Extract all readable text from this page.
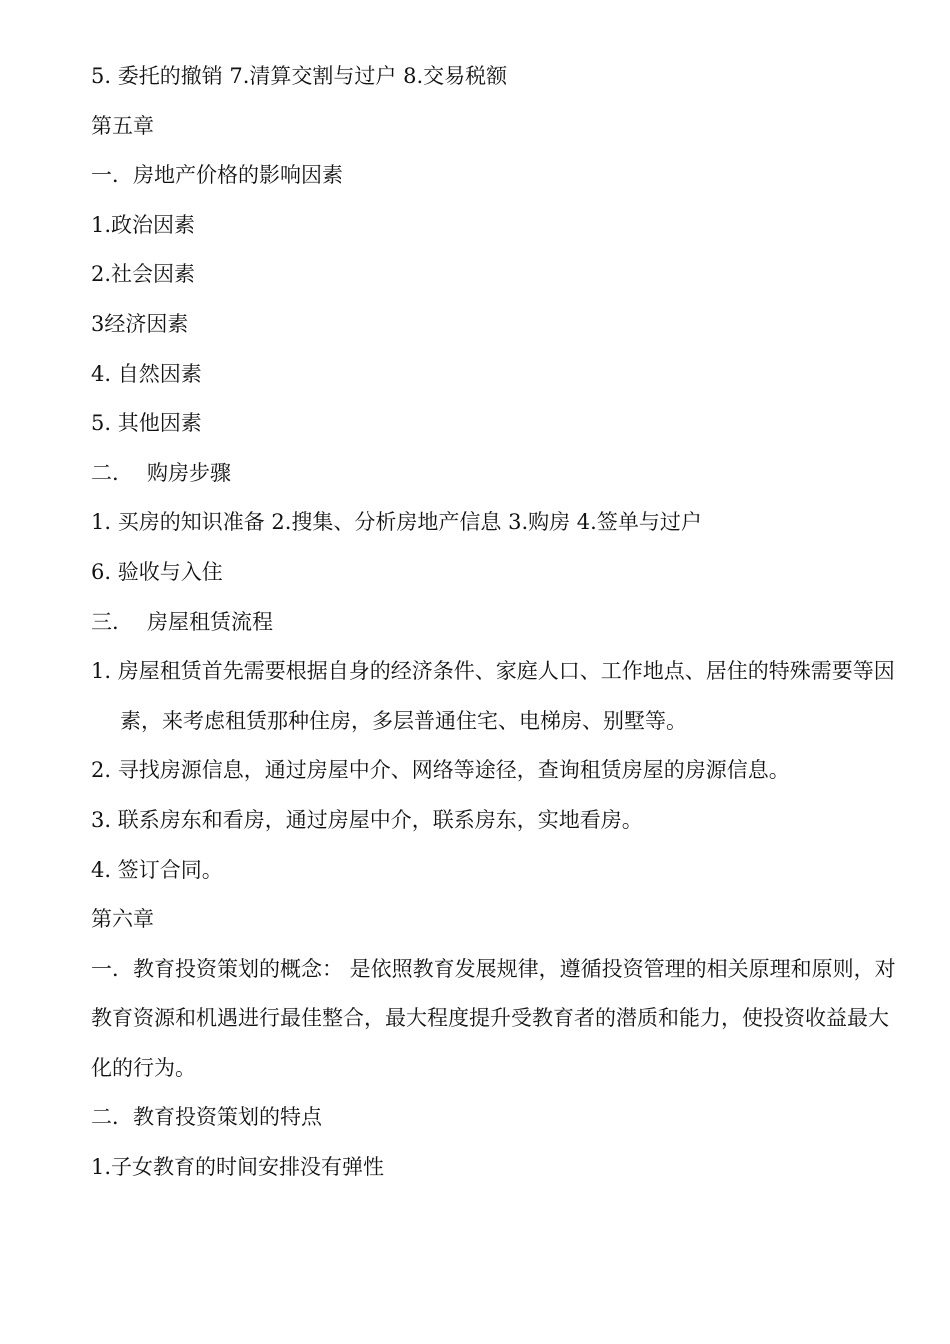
5. 委托的撤销 7.清算交割与过户 8.交易税额

第五章

一．房地产价格的影响因素

1.政治因素

2.社会因素

3经济因素

4. 自然因素

5. 其他因素

二. 购房步骤

1. 买房的知识准备 2.搜集、分析房地产信息 3.购房 4.签单与过户

6. 验收与入住

三. 房屋租赁流程

1. 房屋租赁首先需要根据自身的经济条件、家庭人口、工作地点、居住的特殊需要等因素，来考虑租赁那种住房，多层普通住宅、电梯房、别墅等。

2. 寻找房源信息，通过房屋中介、网络等途径，查询租赁房屋的房源信息。

3. 联系房东和看房，通过房屋中介，联系房东，实地看房。

4. 签订合同。

第六章

一．教育投资策划的概念： 是依照教育发展规律，遵循投资管理的相关原理和原则，对教育资源和机遇进行最佳整合，最大程度提升受教育者的潜质和能力，使投资收益最大化的行为。

二．教育投资策划的特点

1.子女教育的时间安排没有弹性
